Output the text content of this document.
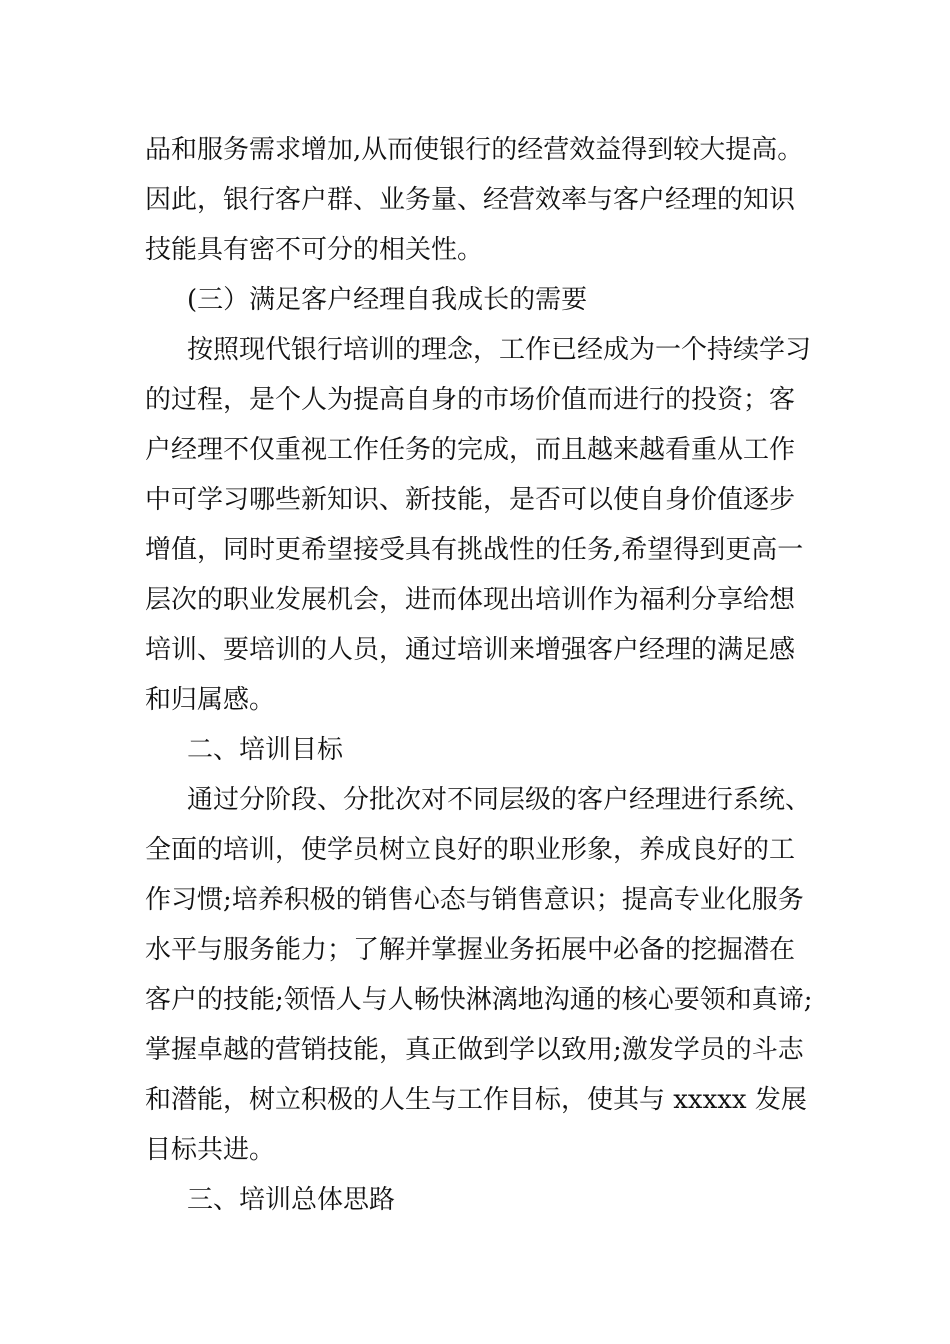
品和服务需求增加,从而使银行的经营效益得到较大提高。
因此，银行客户群、业务量、经营效率与客户经理的知识
技能具有密不可分的相关性。
(三）满足客户经理自我成长的需要
按照现代银行培训的理念，工作已经成为一个持续学习
的过程，是个人为提高自身的市场价值而进行的投资；客
户经理不仅重视工作任务的完成，而且越来越看重从工作
中可学习哪些新知识、新技能，是否可以使自身价值逐步
增值，同时更希望接受具有挑战性的任务,希望得到更高一
层次的职业发展机会，进而体现出培训作为福利分享给想
培训、要培训的人员，通过培训来增强客户经理的满足感
和归属感。
二、培训目标
通过分阶段、分批次对不同层级的客户经理进行系统、
全面的培训，使学员树立良好的职业形象，养成良好的工
作习惯;培养积极的销售心态与销售意识；提高专业化服务
水平与服务能力；了解并掌握业务拓展中必备的挖掘潜在
客户的技能;领悟人与人畅快淋漓地沟通的核心要领和真谛;
掌握卓越的营销技能，真正做到学以致用;激发学员的斗志
和潜能，树立积极的人生与工作目标，使其与 xxxxx 发展
目标共进。
三、培训总体思路
